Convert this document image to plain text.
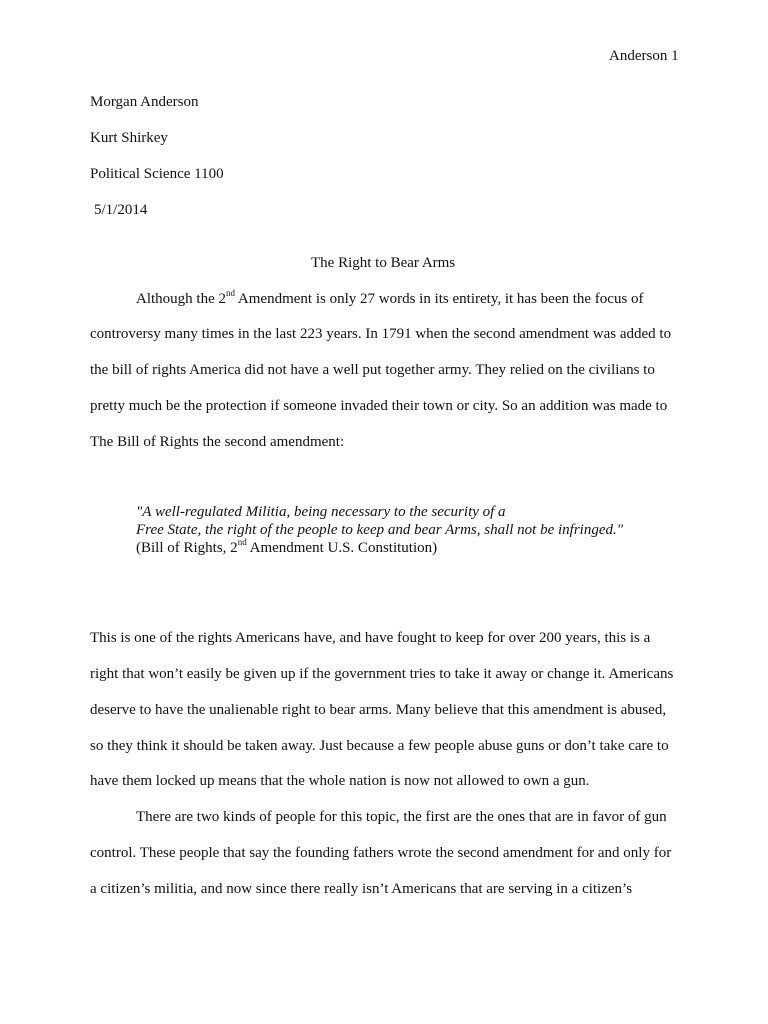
Anderson 1
Morgan Anderson
Kurt Shirkey
Political Science 1100
5/1/2014
The Right to Bear Arms
Although the 2nd Amendment is only 27 words in its entirety, it has been the focus of
controversy many times in the last 223 years. In 1791 when the second amendment was added to
the bill of rights America did not have a well put together army. They relied on the civilians to
pretty much be the protection if someone invaded their town or city. So an addition was made to
The Bill of Rights the second amendment:
"A well-regulated Militia, being necessary to the security of a
Free State, the right of the people to keep and bear Arms, shall not be infringed."
(Bill of Rights, 2nd Amendment U.S. Constitution)
This is one of the rights Americans have, and have fought to keep for over 200 years, this is a
right that won’t easily be given up if the government tries to take it away or change it. Americans
deserve to have the unalienable right to bear arms. Many believe that this amendment is abused,
so they think it should be taken away. Just because a few people abuse guns or don’t take care to
have them locked up means that the whole nation is now not allowed to own a gun.
There are two kinds of people for this topic, the first are the ones that are in favor of gun
control. These people that say the founding fathers wrote the second amendment for and only for
a citizen’s militia, and now since there really isn’t Americans that are serving in a citizen’s
